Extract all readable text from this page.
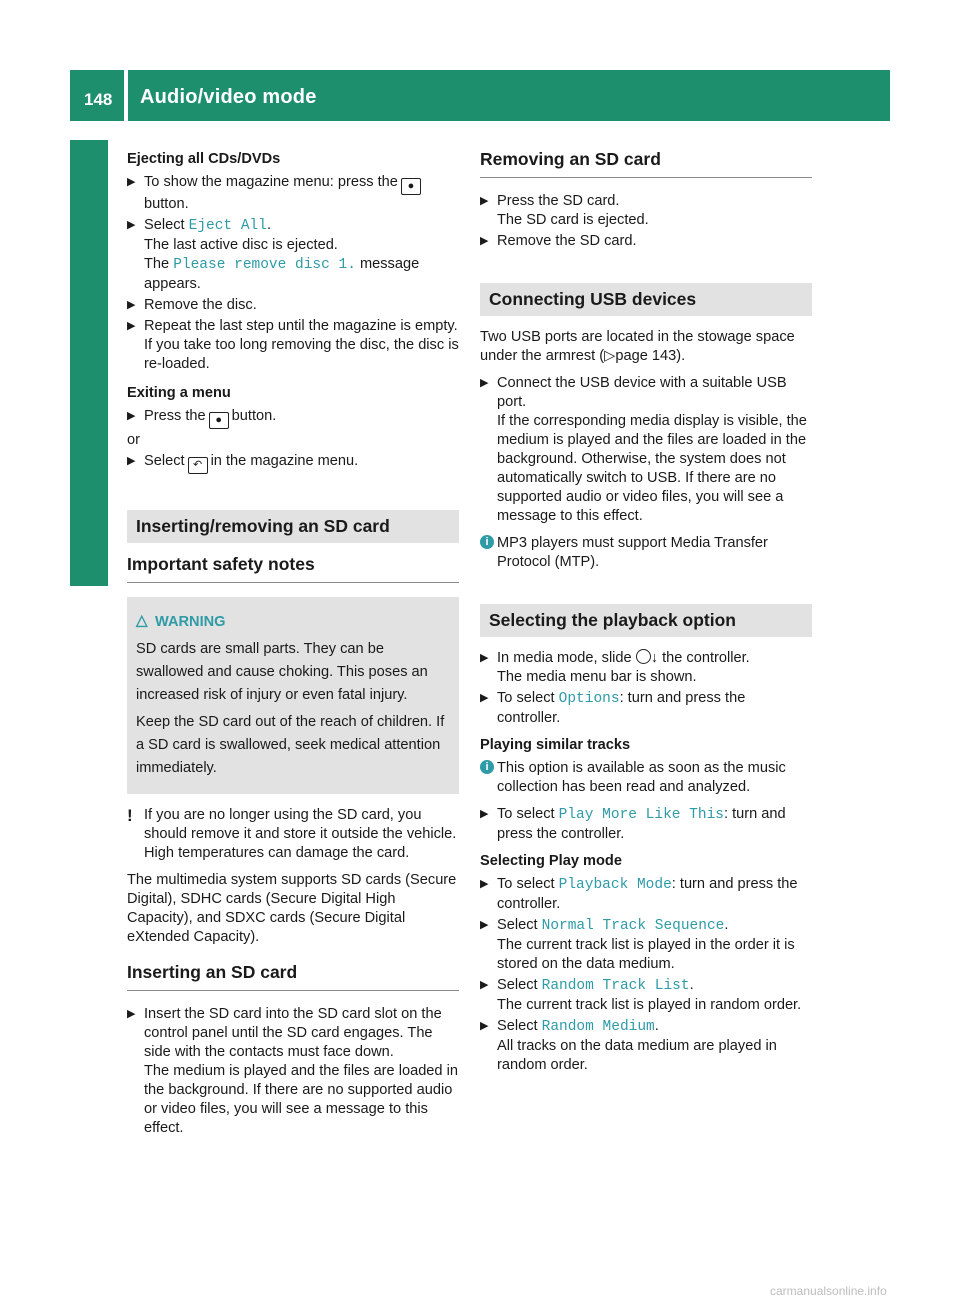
148 Audio/video mode
Media
Ejecting all CDs/DVDs
▶ To show the magazine menu: press the ●
button.
▶ Select Eject All.
The last active disc is ejected.
The Please remove disc 1. message appears.
▶ Remove the disc.
▶ Repeat the last step until the magazine is empty.
If you take too long removing the disc, the disc is re-loaded.
Exiting a menu
▶ Press the ● button.
or
▶ Select ↶ in the magazine menu.
Inserting/removing an SD card
Important safety notes
△ WARNING

SD cards are small parts. They can be swallowed and cause choking. This poses an increased risk of injury or even fatal injury.

Keep the SD card out of the reach of children. If a SD card is swallowed, seek medical attention immediately.

! If you are no longer using the SD card, you should remove it and store it outside the vehicle. High temperatures can damage the card.
The multimedia system supports SD cards (Secure Digital), SDHC cards (Secure Digital High Capacity), and SDXC cards (Secure Digital eXtended Capacity).
Inserting an SD card
▶ Insert the SD card into the SD card slot on the control panel until the SD card engages. The side with the contacts must face down.
The medium is played and the files are loaded in the background. If there are no supported audio or video files, you will see a message to this effect.
Removing an SD card
▶ Press the SD card.
The SD card is ejected.
▶ Remove the SD card.
Connecting USB devices
Two USB ports are located in the stowage space under the armrest (▷page 143).
▶ Connect the USB device with a suitable USB port.
If the corresponding media display is visible, the medium is played and the files are loaded in the background. Otherwise, the system does not automatically switch to USB. If there are no supported audio or video files, you will see a message to this effect.
i MP3 players must support Media Transfer Protocol (MTP).
Selecting the playback option
▶ In media mode, slide ↓ the controller.
The media menu bar is shown.
▶ To select Options: turn and press the controller.
Playing similar tracks
i This option is available as soon as the music collection has been read and analyzed.
▶ To select Play More Like This: turn and press the controller.
Selecting Play mode
▶ To select Playback Mode: turn and press the controller.
▶ Select Normal Track Sequence.
The current track list is played in the order it is stored on the data medium.
▶ Select Random Track List.
The current track list is played in random order.
▶ Select Random Medium.
All tracks on the data medium are played in random order.
carmanualsonline.info
